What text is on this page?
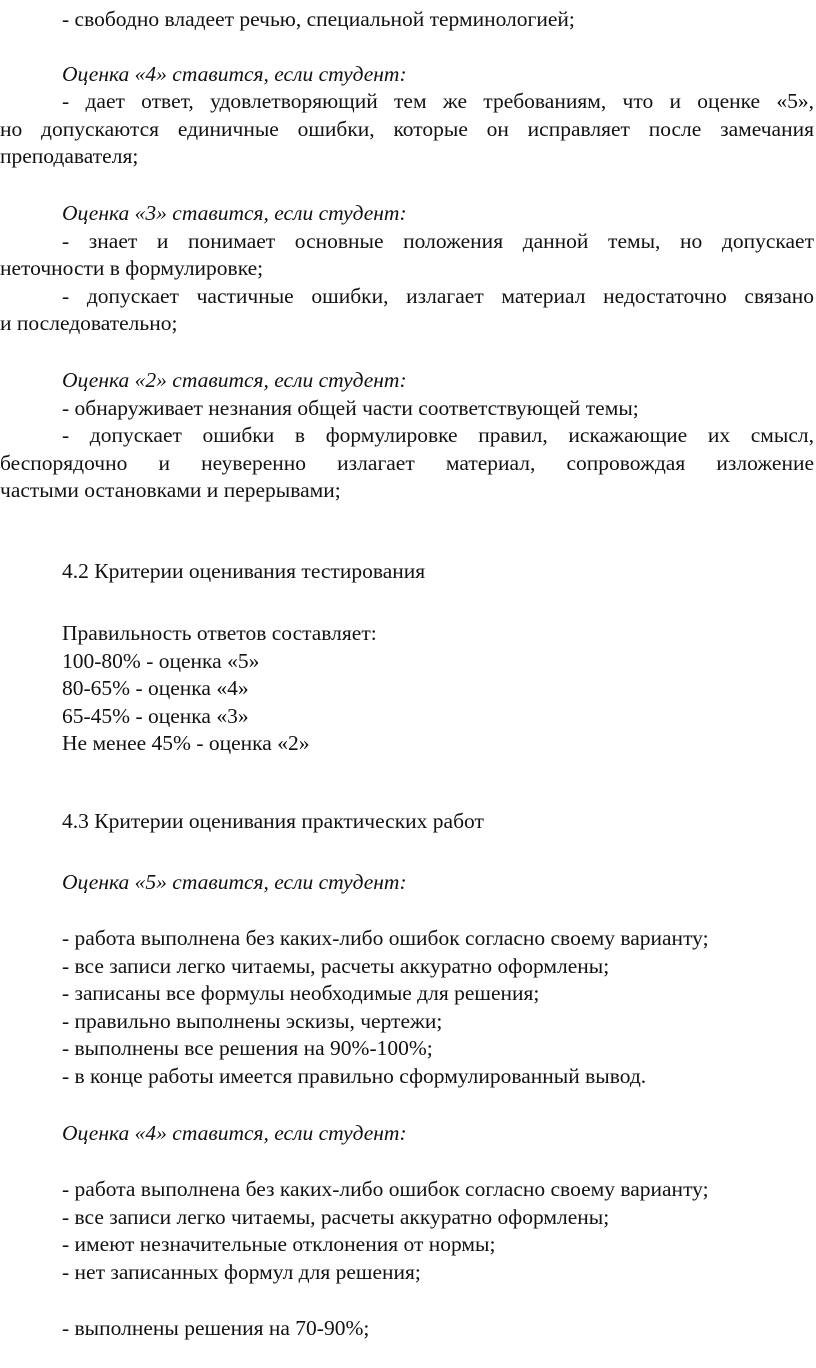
- свободно владеет речью, специальной терминологией;

Оценка «4» ставится, если студент:

- дает ответ, удовлетворяющий тем же требованиям, что и оценке «5»,

но допускаются единичные ошибки, которые он исправляет после замечания

преподавателя;

Оценка «3» ставится, если студент:

- знает и понимает основные положения данной темы, но допускает

неточности в формулировке;

- допускает частичные ошибки, излагает материал недостаточно связано

и последовательно;

Оценка «2» ставится, если студент:

- обнаруживает незнания общей части соответствующей темы;

- допускает ошибки в формулировке правил, искажающие их смысл,

беспорядочно и неуверенно излагает материал, сопровождая изложение

частыми остановками и перерывами;

4.2 Критерии оценивания тестирования

Правильность ответов составляет:

100-80% - оценка «5»

80-65% - оценка «4»

65-45% - оценка «3»

Не менее 45% - оценка «2»

4.3 Критерии оценивания практических работ

Оценка «5» ставится, если студент:

- работа выполнена без каких-либо ошибок согласно своему варианту;

- все записи легко читаемы, расчеты аккуратно оформлены;

- записаны все формулы необходимые для решения;

- правильно выполнены эскизы, чертежи;

- выполнены все решения на 90%-100%;

- в конце работы имеется правильно сформулированный вывод.

Оценка «4» ставится, если студент:

- работа выполнена без каких-либо ошибок согласно своему варианту;

- все записи легко читаемы, расчеты аккуратно оформлены;

- имеют незначительные отклонения от нормы;

- нет записанных формул для решения;

- выполнены решения на 70-90%;
